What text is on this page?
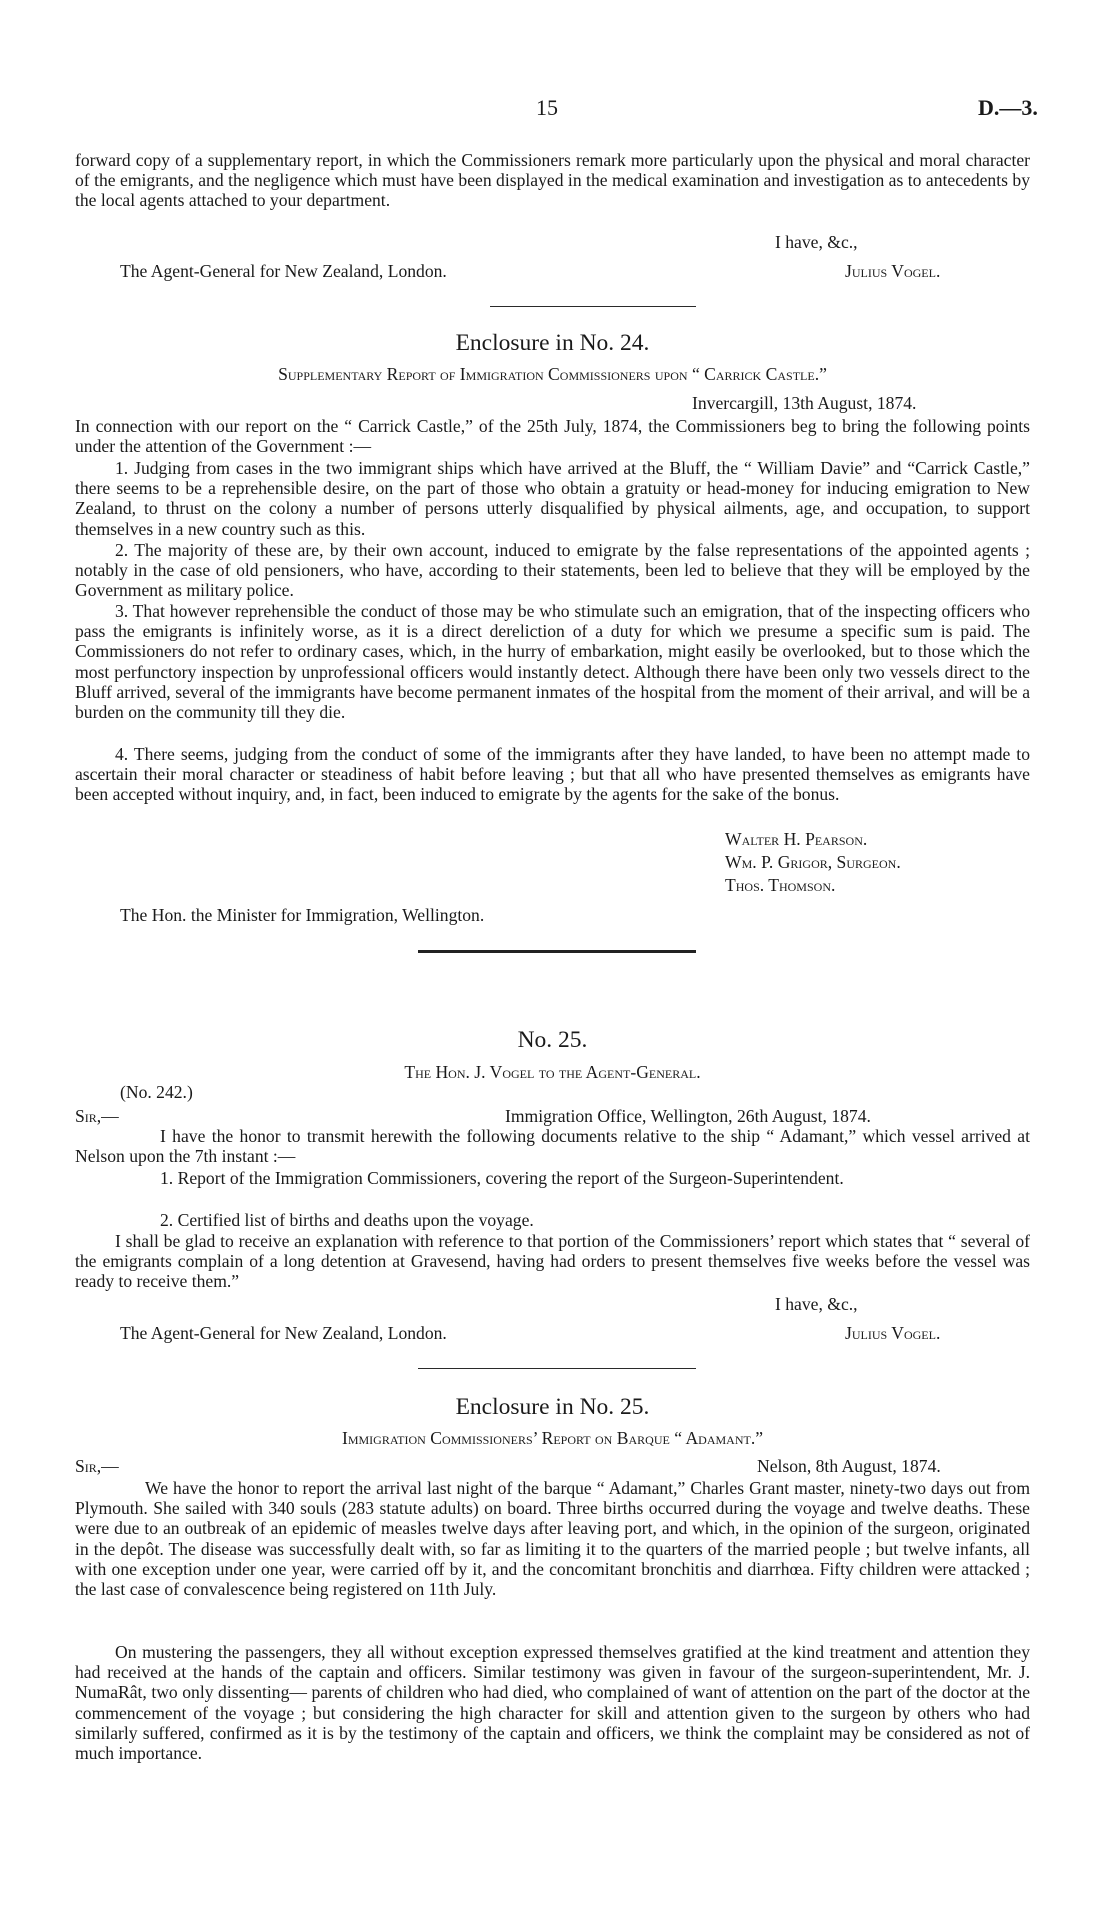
15	D.—3.
forward copy of a supplementary report, in which the Commissioners remark more particularly upon the physical and moral character of the emigrants, and the negligence which must have been displayed in the medical examination and investigation as to antecedents by the local agents attached to your department.
I have, &c.,
The Agent-General for New Zealand, London.	Julius Vogel.
Enclosure in No. 24.
Supplementary Report of Immigration Commissioners upon “ Carrick Castle.”
Invercargill, 13th August, 1874.
In connection with our report on the “ Carrick Castle,” of the 25th July, 1874, the Commissioners beg to bring the following points under the attention of the Government :—
1. Judging from cases in the two immigrant ships which have arrived at the Bluff, the “ William Davie” and “Carrick Castle,” there seems to be a reprehensible desire, on the part of those who obtain a gratuity or head-money for inducing emigration to New Zealand, to thrust on the colony a number of persons utterly disqualified by physical ailments, age, and occupation, to support themselves in a new country such as this.
2. The majority of these are, by their own account, induced to emigrate by the false representations of the appointed agents ; notably in the case of old pensioners, who have, according to their statements, been led to believe that they will be employed by the Government as military police.
3. That however reprehensible the conduct of those may be who stimulate such an emigration, that of the inspecting officers who pass the emigrants is infinitely worse, as it is a direct dereliction of a duty for which we presume a specific sum is paid. The Commissioners do not refer to ordinary cases, which, in the hurry of embarkation, might easily be overlooked, but to those which the most perfunctory inspection by unprofessional officers would instantly detect. Although there have been only two vessels direct to the Bluff arrived, several of the immigrants have become permanent inmates of the hospital from the moment of their arrival, and will be a burden on the community till they die.
4. There seems, judging from the conduct of some of the immigrants after they have landed, to have been no attempt made to ascertain their moral character or steadiness of habit before leaving ; but that all who have presented themselves as emigrants have been accepted without inquiry, and, in fact, been induced to emigrate by the agents for the sake of the bonus.
Walter H. Pearson.
Wm. P. Grigor, Surgeon.
Thos. Thomson.
The Hon. the Minister for Immigration, Wellington.
No. 25.
The Hon. J. Vogel to the Agent-General.
(No. 242.)
Sir,—	Immigration Office, Wellington, 26th August, 1874.
I have the honor to transmit herewith the following documents relative to the ship “ Adamant,” which vessel arrived at Nelson upon the 7th instant :—
1. Report of the Immigration Commissioners, covering the report of the Surgeon-Superintendent.
2. Certified list of births and deaths upon the voyage.
I shall be glad to receive an explanation with reference to that portion of the Commissioners’ report which states that “ several of the emigrants complain of a long detention at Gravesend, having had orders to present themselves five weeks before the vessel was ready to receive them.”
I have, &c.,
The Agent-General for New Zealand, London.	Julius Vogel.
Enclosure in No. 25.
Immigration Commissioners’ Report on Barque “ Adamant.”
Sir,—	Nelson, 8th August, 1874.
We have the honor to report the arrival last night of the barque “ Adamant,” Charles Grant master, ninety-two days out from Plymouth. She sailed with 340 souls (283 statute adults) on board. Three births occurred during the voyage and twelve deaths. These were due to an outbreak of an epidemic of measles twelve days after leaving port, and which, in the opinion of the surgeon, originated in the depôt. The disease was successfully dealt with, so far as limiting it to the quarters of the married people ; but twelve infants, all with one exception under one year, were carried off by it, and the concomitant bronchitis and diarrhœa. Fifty children were attacked ; the last case of convalescence being registered on 11th July.
On mustering the passengers, they all without exception expressed themselves gratified at the kind treatment and attention they had received at the hands of the captain and officers. Similar testimony was given in favour of the surgeon-superintendent, Mr. J. NumaRât, two only dissenting— parents of children who had died, who complained of want of attention on the part of the doctor at the commencement of the voyage ; but considering the high character for skill and attention given to the surgeon by others who had similarly suffered, confirmed as it is by the testimony of the captain and officers, we think the complaint may be considered as not of much importance.
